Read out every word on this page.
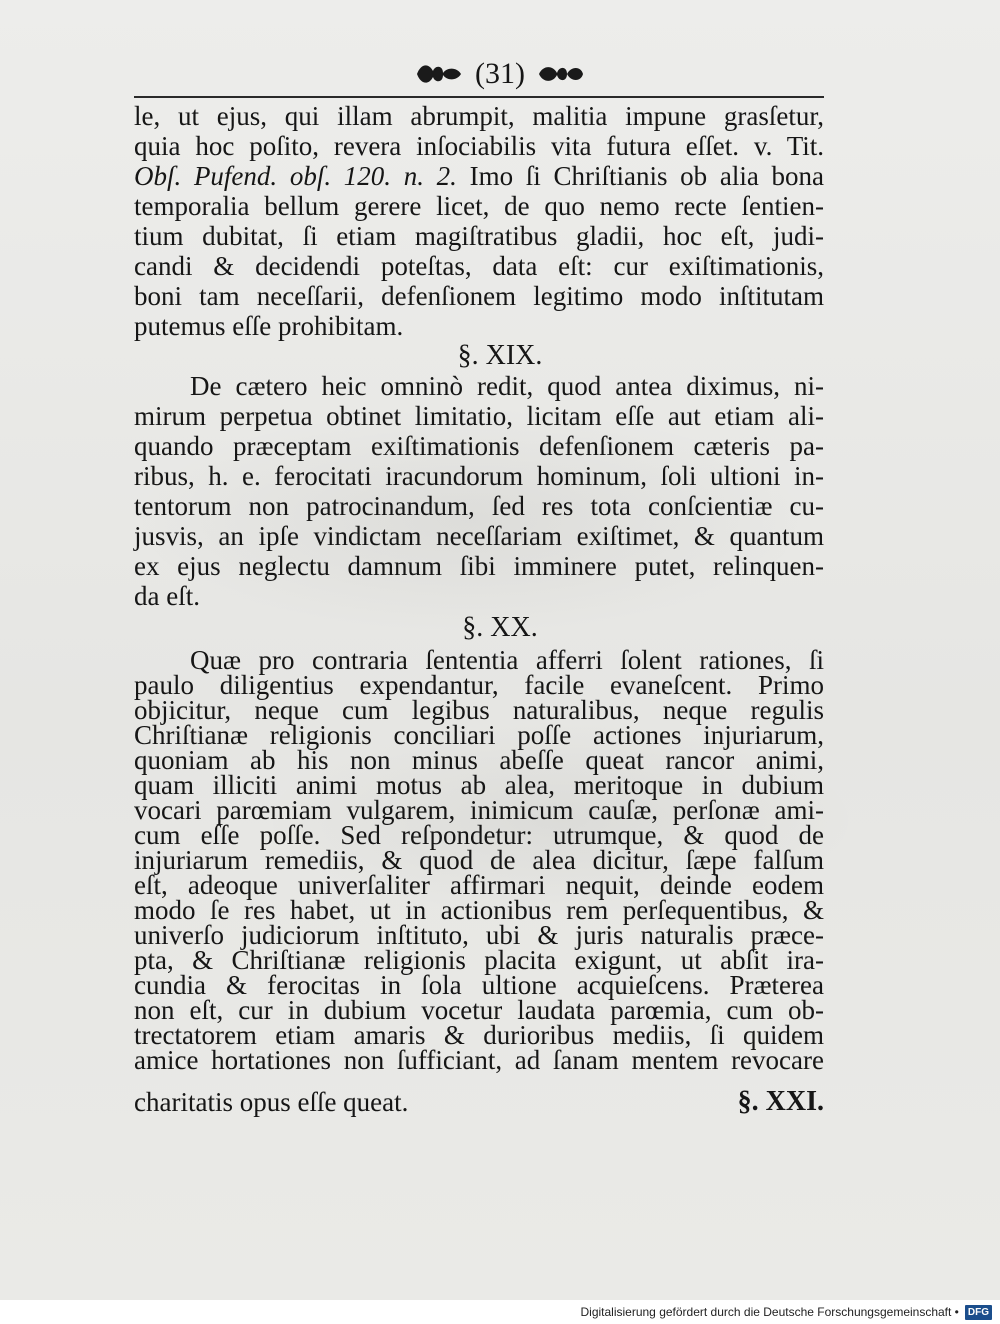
(31)
le, ut ejus, qui illam abrumpit, malitia impune grasſetur,
quia hoc poſito, revera inſociabilis vita futura eſſet. v. Tit.
Obſ. Pufend. obſ. 120. n. 2. Imo ſi Chriſtianis ob alia bona
temporalia bellum gerere licet, de quo nemo recte ſentien-
tium dubitat, ſi etiam magiſtratibus gladii, hoc eſt, judi-
candi & decidendi poteſtas, data eſt: cur exiſtimationis,
boni tam neceſſarii, defenſionem legitimo modo inſtitutam
putemus eſſe prohibitam.
§. XIX.
De cætero heic omninò redit, quod antea diximus, ni-
mirum perpetua obtinet limitatio, licitam eſſe aut etiam ali-
quando præceptam exiſtimationis defenſionem cæteris pa-
ribus, h. e. ferocitati iracundorum hominum, ſoli ultioni in-
tentorum non patrocinandum, ſed res tota conſcientiæ cu-
jusvis, an ipſe vindictam neceſſariam exiſtimet, & quantum
ex ejus neglectu damnum ſibi imminere putet, relinquen-
da eſt.
§. XX.
Quæ pro contraria ſententia afferri ſolent rationes, ſi
paulo diligentius expendantur, facile evaneſcent. Primo
objicitur, neque cum legibus naturalibus, neque regulis
Chriſtianæ religionis conciliari poſſe actiones injuriarum,
quoniam ab his non minus abeſſe queat rancor animi,
quam illiciti animi motus ab alea, meritoque in dubium
vocari parœmiam vulgarem, inimicum cauſæ, perſonæ ami-
cum eſſe poſſe. Sed reſpondetur: utrumque, & quod de
injuriarum remediis, & quod de alea dicitur, ſæpe falſum
eſt, adeoque univerſaliter affirmari nequit, deinde eodem
modo ſe res habet, ut in actionibus rem perſequentibus, &
univerſo judiciorum inſtituto, ubi & juris naturalis præce-
pta, & Chriſtianæ religionis placita exigunt, ut abſit ira-
cundia & ferocitas in ſola ultione acquieſcens. Præterea
non eſt, cur in dubium vocetur laudata parœmia, cum ob-
trectatorem etiam amaris & durioribus mediis, ſi quidem
amice hortationes non ſufficiant, ad ſanam mentem revocare
charitatis opus eſſe queat.	§. XXI.
Digitalisierung gefördert durch die Deutsche Forschungsgemeinschaft • DFG
